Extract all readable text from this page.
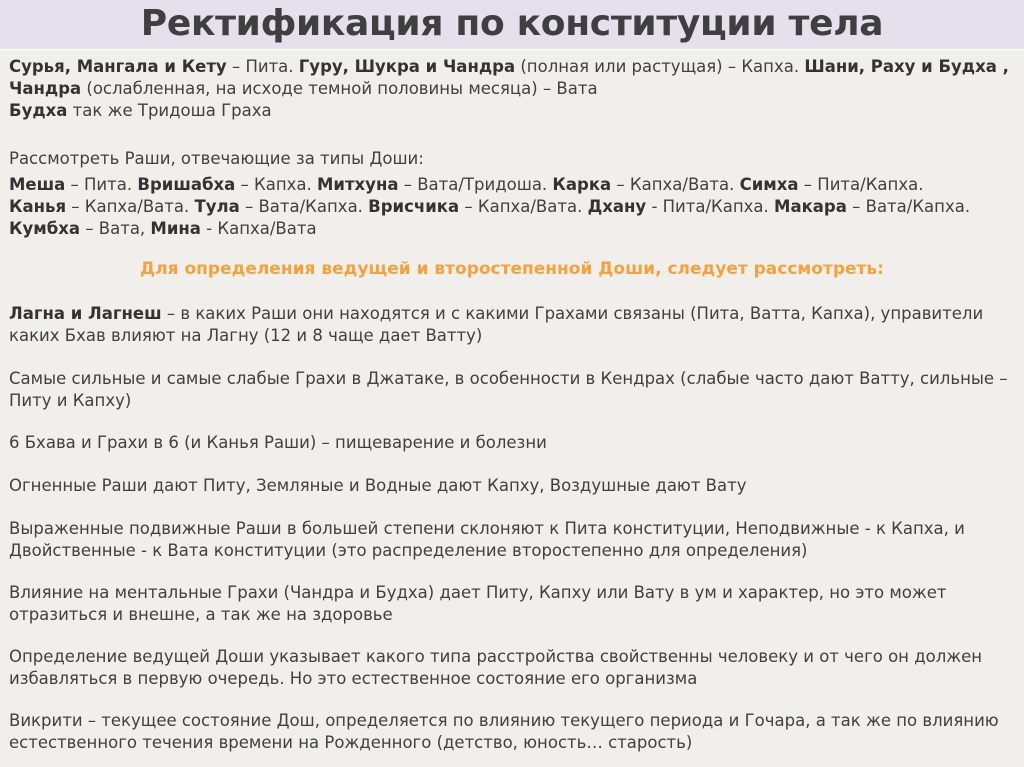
Ректификация по конституции тела
Сурья, Мангала и Кету – Пита. Гуру, Шукра и Чандра (полная или растущая) – Капха. Шани, Раху и Будха , Чандра (ослабленная, на исходе темной половины месяца) – Вата
Будха так же Тридоша Граха
Рассмотреть Раши, отвечающие за типы Доши:
Меша – Пита. Вришабха – Капха. Митхуна – Вата/Тридоша. Карка – Капха/Вата. Симха – Пита/Капха.
Канья – Капха/Вата. Тула – Вата/Капха. Врисчика – Капха/Вата. Дхану - Пита/Капха. Макара – Вата/Капха. Кумбха – Вата, Мина - Капха/Вата
Для определения ведущей и второстепенной Доши, следует рассмотреть:
Лагна и Лагнеш – в каких Раши они находятся и с какими Грахами связаны (Пита, Ватта, Капха), управители каких Бхав влияют на Лагну (12 и 8 чаще дает Ватту)
Самые сильные и самые слабые Грахи в Джатаке, в особенности в Кендрах (слабые часто дают Ватту, сильные – Питу и Капху)
6 Бхава и Грахи в 6 (и Канья Раши) – пищеварение и болезни
Огненные Раши дают Питу, Земляные и Водные дают Капху, Воздушные дают Вату
Выраженные подвижные Раши в большей степени склоняют к Пита конституции, Неподвижные - к Капха, и Двойственные - к Вата конституции (это распределение второстепенно для определения)
Влияние на ментальные Грахи (Чандра и Будха) дает Питу, Капху или Вату в ум и характер, но это может отразиться и внешне, а так же на здоровье
Определение ведущей Доши указывает какого типа расстройства свойственны человеку и от чего он должен избавляться в первую очередь. Но это естественное состояние его организма
Викрити – текущее состояние Дош, определяется по влиянию текущего периода и Гочара, а так же по влиянию естественного течения времени на Рожденного (детство, юность… старость)
